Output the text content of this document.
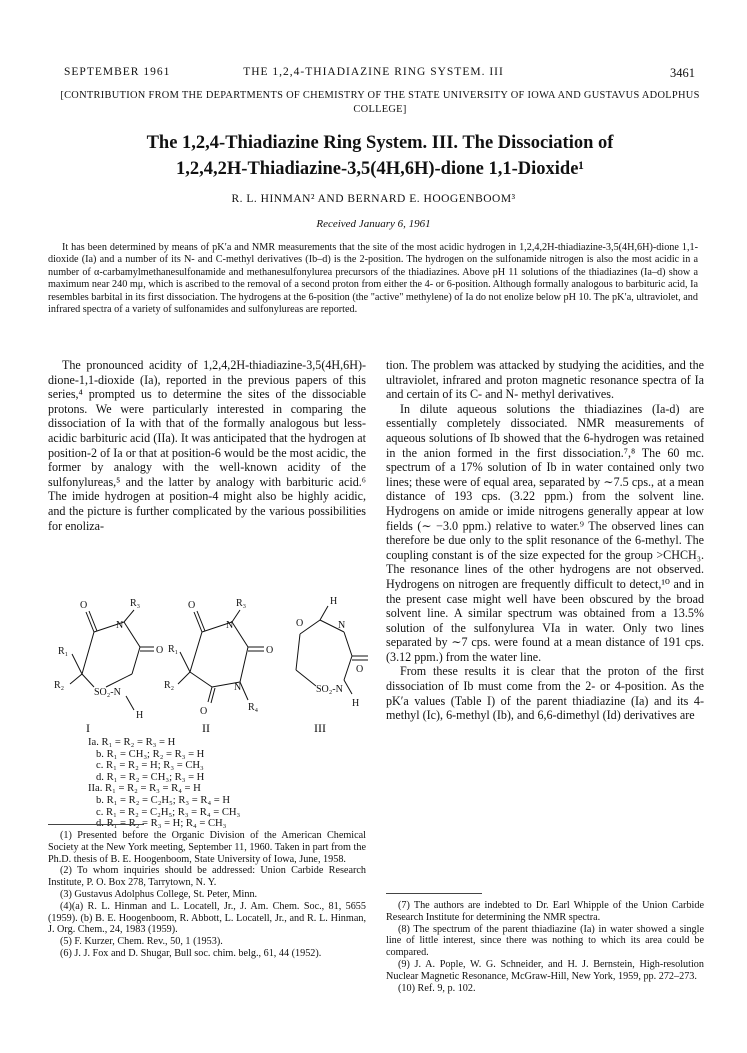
SEPTEMBER 1961	THE 1,2,4-THIADIAZINE RING SYSTEM. III	3461
[CONTRIBUTION FROM THE DEPARTMENTS OF CHEMISTRY OF THE STATE UNIVERSITY OF IOWA AND GUSTAVUS ADOLPHUS COLLEGE]
The 1,2,4-Thiadiazine Ring System. III. The Dissociation of
1,2,4,2H-Thiadiazine-3,5(4H,6H)-dione 1,1-Dioxide¹
R. L. HINMAN² AND BERNARD E. HOOGENBOOM³
Received January 6, 1961
It has been determined by means of pK′a and NMR measurements that the site of the most acidic hydrogen in 1,2,4,2H-thiadiazine-3,5(4H,6H)-dione 1,1-dioxide (Ia) and a number of its N- and C-methyl derivatives (Ib–d) is the 2-position. The hydrogen on the sulfonamide nitrogen is also the most acidic in a number of α-carbamylmethanesulfonamide and methanesulfonylurea precursors of the thiadiazines. Above pH 11 solutions of the thiadiazines (Ia–d) show a maximum near 240 mμ, which is ascribed to the removal of a second proton from either the 4- or 6-position. Although formally analogous to barbituric acid, Ia resembles barbital in its first dissociation. The hydrogens at the 6-position (the "active" methylene) of Ia do not enolize below pH 10. The pK′a, ultraviolet, and infrared spectra of a variety of sulfonamides and sulfonylureas are reported.

The pronounced acidity of 1,2,4,2H-thiadiazine-3,5(4H,6H)-dione-1,1-dioxide (Ia), reported in the previous papers of this series,⁴ prompted us to determine the sites of the dissociable protons. We were particularly interested in comparing the dissociation of Ia with that of the formally analogous but less-acidic barbituric acid (IIa). It was anticipated that the hydrogen at position-2 of Ia or that at position-6 would be the most acidic, the former by analogy with the well-known acidity of the sulfonylureas,⁵ and the latter by analogy with barbituric acid.⁶ The imide hydrogen at position-4 might also be highly acidic, and the picture is further complicated by the various possibilities for enoliza-

tion. The problem was attacked by studying the acidities, and the ultraviolet, infrared and proton magnetic resonance spectra of Ia and certain of its C- and N- methyl derivatives.

In dilute aqueous solutions the thiadiazines (Ia-d) are essentially completely dissociated. NMR measurements of aqueous solutions of Ib showed that the 6-hydrogen was retained in the anion formed in the first dissociation.⁷,⁸ The 60 mc. spectrum of a 17% solution of Ib in water contained only two lines; these were of equal area, separated by ∼7.5 cps., at a mean distance of 193 cps. (3.22 ppm.) from the solvent line. Hydrogens on amide or imide nitrogens generally appear at low fields (∼ −3.0 ppm.) relative to water.⁹ The observed lines can therefore be due only to the split resonance of the 6-methyl. The coupling constant is of the size expected for the group >CHCH₃. The resonance lines of the other hydrogens are not observed. Hydrogens on nitrogen are frequently difficult to detect,¹⁰ and in the present case might well have been obscured by the broad solvent line. A similar spectrum was obtained from a 13.5% solution of the sulfonylurea VIa in water. Only two lines separated by ∼7 cps. were found at a mean distance of 191 cps. (3.12 ppm.) from the water line.

From these results it is clear that the proton of the first dissociation of Ib must come from the 2- or 4-position. As the pK′a values (Table I) of the parent thiadiazine (Ia) and its 4-methyl (Ic), 6-methyl (Ib), and 6,6-dimethyl (Id) derivatives are

O	R₃
N
O
R₁
R₂
SO₂-N
H
I
O	R₃
N
O
R₁
R₂
O
N
R₄
II
O
H
N
O
SO₂-N
H
III
Ia. R₁ = R₂ = R₃ = H
b. R₁ = CH₃; R₂ = R₃ = H
c. R₁ = R₂ = H; R₃ = CH₃
d. R₁ = R₂ = CH₃; R₃ = H
IIa. R₁ = R₂ = R₃ = R₄ = H
b. R₁ = R₂ = C₂H₅; R₃ = R₄ = H
c. R₁ = R₂ = C₂H₅; R₃ = R₄ = CH₃
d. R₁ = R₂ = R₃ = H; R₄ = CH₃

(1) Presented before the Organic Division of the American Chemical Society at the New York meeting, September 11, 1960. Taken in part from the Ph.D. thesis of B. E. Hoogenboom, State University of Iowa, June, 1958.

(2) To whom inquiries should be addressed: Union Carbide Research Institute, P. O. Box 278, Tarrytown, N. Y.

(3) Gustavus Adolphus College, St. Peter, Minn.

(4)(a) R. L. Hinman and L. Locatell, Jr., J. Am. Chem. Soc., 81, 5655 (1959). (b) B. E. Hoogenboom, R. Abbott, L. Locatell, Jr., and R. L. Hinman, J. Org. Chem., 24, 1983 (1959).

(5) F. Kurzer, Chem. Rev., 50, 1 (1953).

(6) J. J. Fox and D. Shugar, Bull soc. chim. belg., 61, 44 (1952).

(7) The authors are indebted to Dr. Earl Whipple of the Union Carbide Research Institute for determining the NMR spectra.

(8) The spectrum of the parent thiadiazine (Ia) in water showed a single line of little interest, since there was nothing to which its area could be compared.

(9) J. A. Pople, W. G. Schneider, and H. J. Bernstein, High-resolution Nuclear Magnetic Resonance, McGraw-Hill, New York, 1959, pp. 272–273.

(10) Ref. 9, p. 102.
